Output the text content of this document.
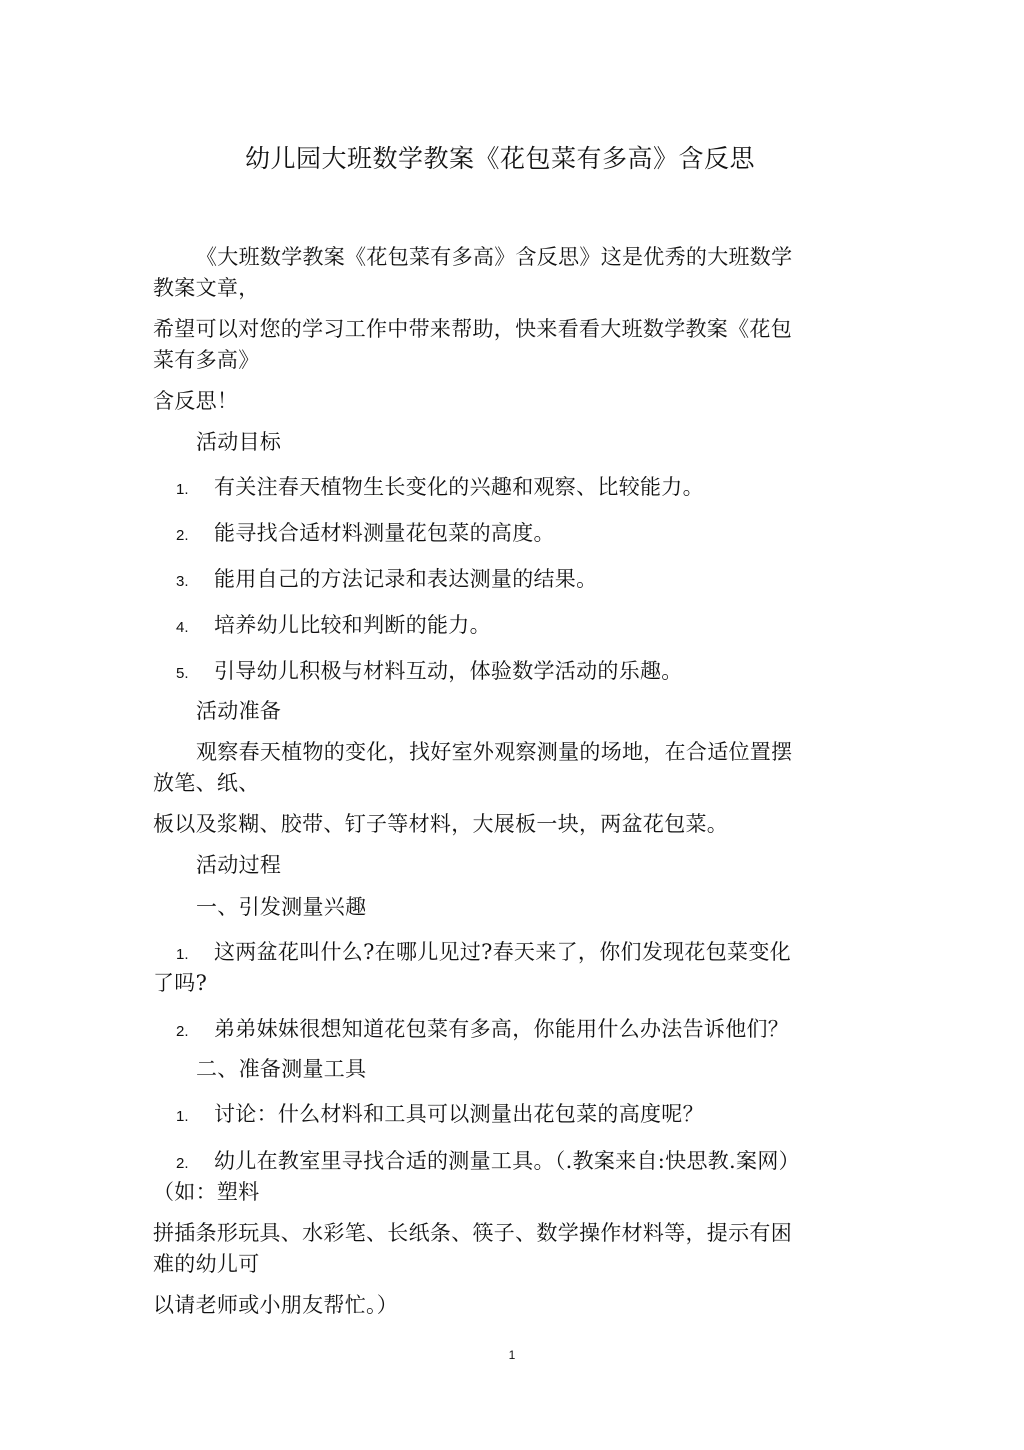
幼儿园大班数学教案《花包菜有多高》含反思
《大班数学教案《花包菜有多高》含反思》这是优秀的大班数学
教案文章，
希望可以对您的学习工作中带来帮助，快来看看大班数学教案《花包
菜有多高》
含反思！
活动目标
1. 有关注春天植物生长变化的兴趣和观察、比较能力。
2. 能寻找合适材料测量花包菜的高度。
3. 能用自己的方法记录和表达测量的结果。
4. 培养幼儿比较和判断的能力。
5. 引导幼儿积极与材料互动，体验数学活动的乐趣。
活动准备
观察春天植物的变化，找好室外观察测量的场地，在合适位置摆
放笔、纸、
板以及浆糊、胶带、钉子等材料，大展板一块，两盆花包菜。
活动过程
一、引发测量兴趣
1. 这两盆花叫什么?在哪儿见过?春天来了，你们发现花包菜变化
了吗?
2. 弟弟妹妹很想知道花包菜有多高，你能用什么办法告诉他们？
二、准备测量工具
1. 讨论：什么材料和工具可以测量出花包菜的高度呢？
2. 幼儿在教室里寻找合适的测量工具。（.教案来自:快思教.案网）
（如：塑料
拼插条形玩具、水彩笔、长纸条、筷子、数学操作材料等，提示有困
难的幼儿可
以请老师或小朋友帮忙。）
1
